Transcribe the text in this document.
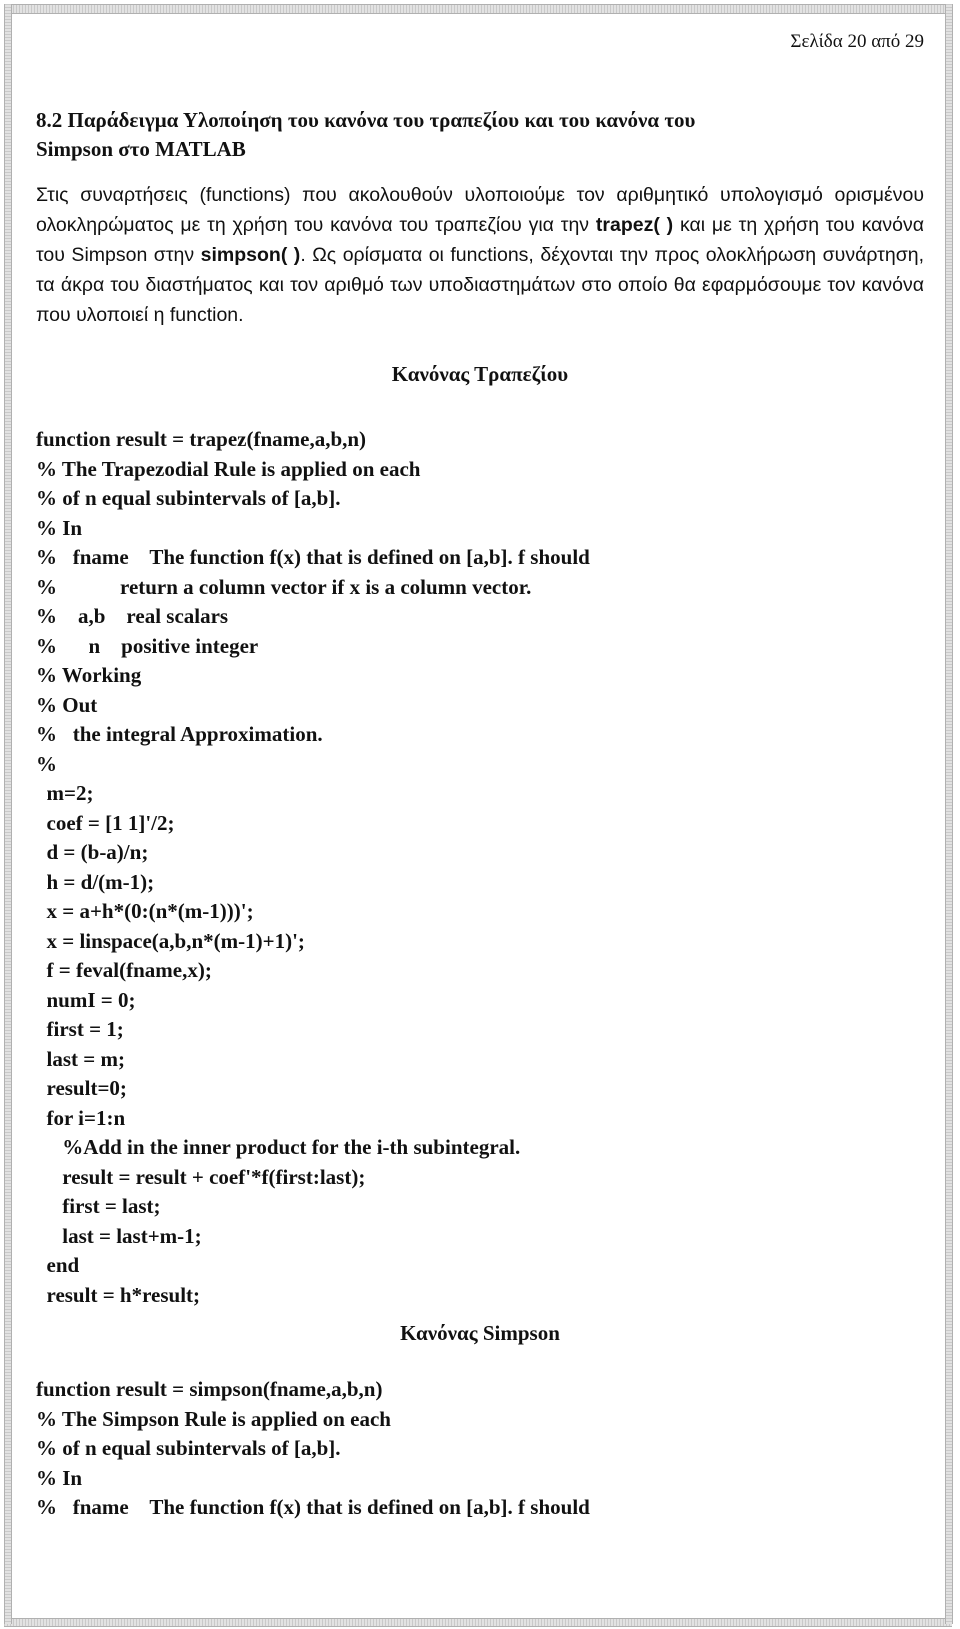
Σελίδα 20 από 29
8.2 Παράδειγμα Υλοποίηση του κανόνα του τραπεζίου και του κανόνα του
Simpson στο MATLAB
Στις συναρτήσεις (functions) που ακολουθούν υλοποιούμε τον αριθμητικό υπολογισμό ορισμένου ολοκληρώματος με τη χρήση του κανόνα του τραπεζίου για την trapez( ) και με τη χρήση του κανόνα του Simpson στην simpson( ). Ως ορίσματα οι functions, δέχονται την προς ολοκλήρωση συνάρτηση, τα άκρα του διαστήματος και τον αριθμό των υποδιαστημάτων στο οποίο θα εφαρμόσουμε τον κανόνα που υλοποιεί η function.
Κανόνας Τραπεζίου
function result = trapez(fname,a,b,n)
% The Trapezodial Rule is applied on each
% of n equal subintervals of [a,b].
% In
%   fname    The function f(x) that is defined on [a,b]. f should
%            return a column vector if x is a column vector.
%    a,b    real scalars
%      n    positive integer
% Working
% Out
%   the integral Approximation.
%
m=2;
coef = [1 1]'/2;
d = (b-a)/n;
h = d/(m-1);
x = a+h*(0:(n*(m-1)))';
x = linspace(a,b,n*(m-1)+1)';
f = feval(fname,x);
numI = 0;
first = 1;
last = m;
result=0;
for i=1:n
%Add in the inner product for the i-th subintegral.
result = result + coef'*f(first:last);
first = last;
last = last+m-1;
end
result = h*result;
Κανόνας Simpson
function result = simpson(fname,a,b,n)
% The Simpson Rule is applied on each
% of n equal subintervals of [a,b].
% In
%   fname    The function f(x) that is defined on [a,b]. f should
